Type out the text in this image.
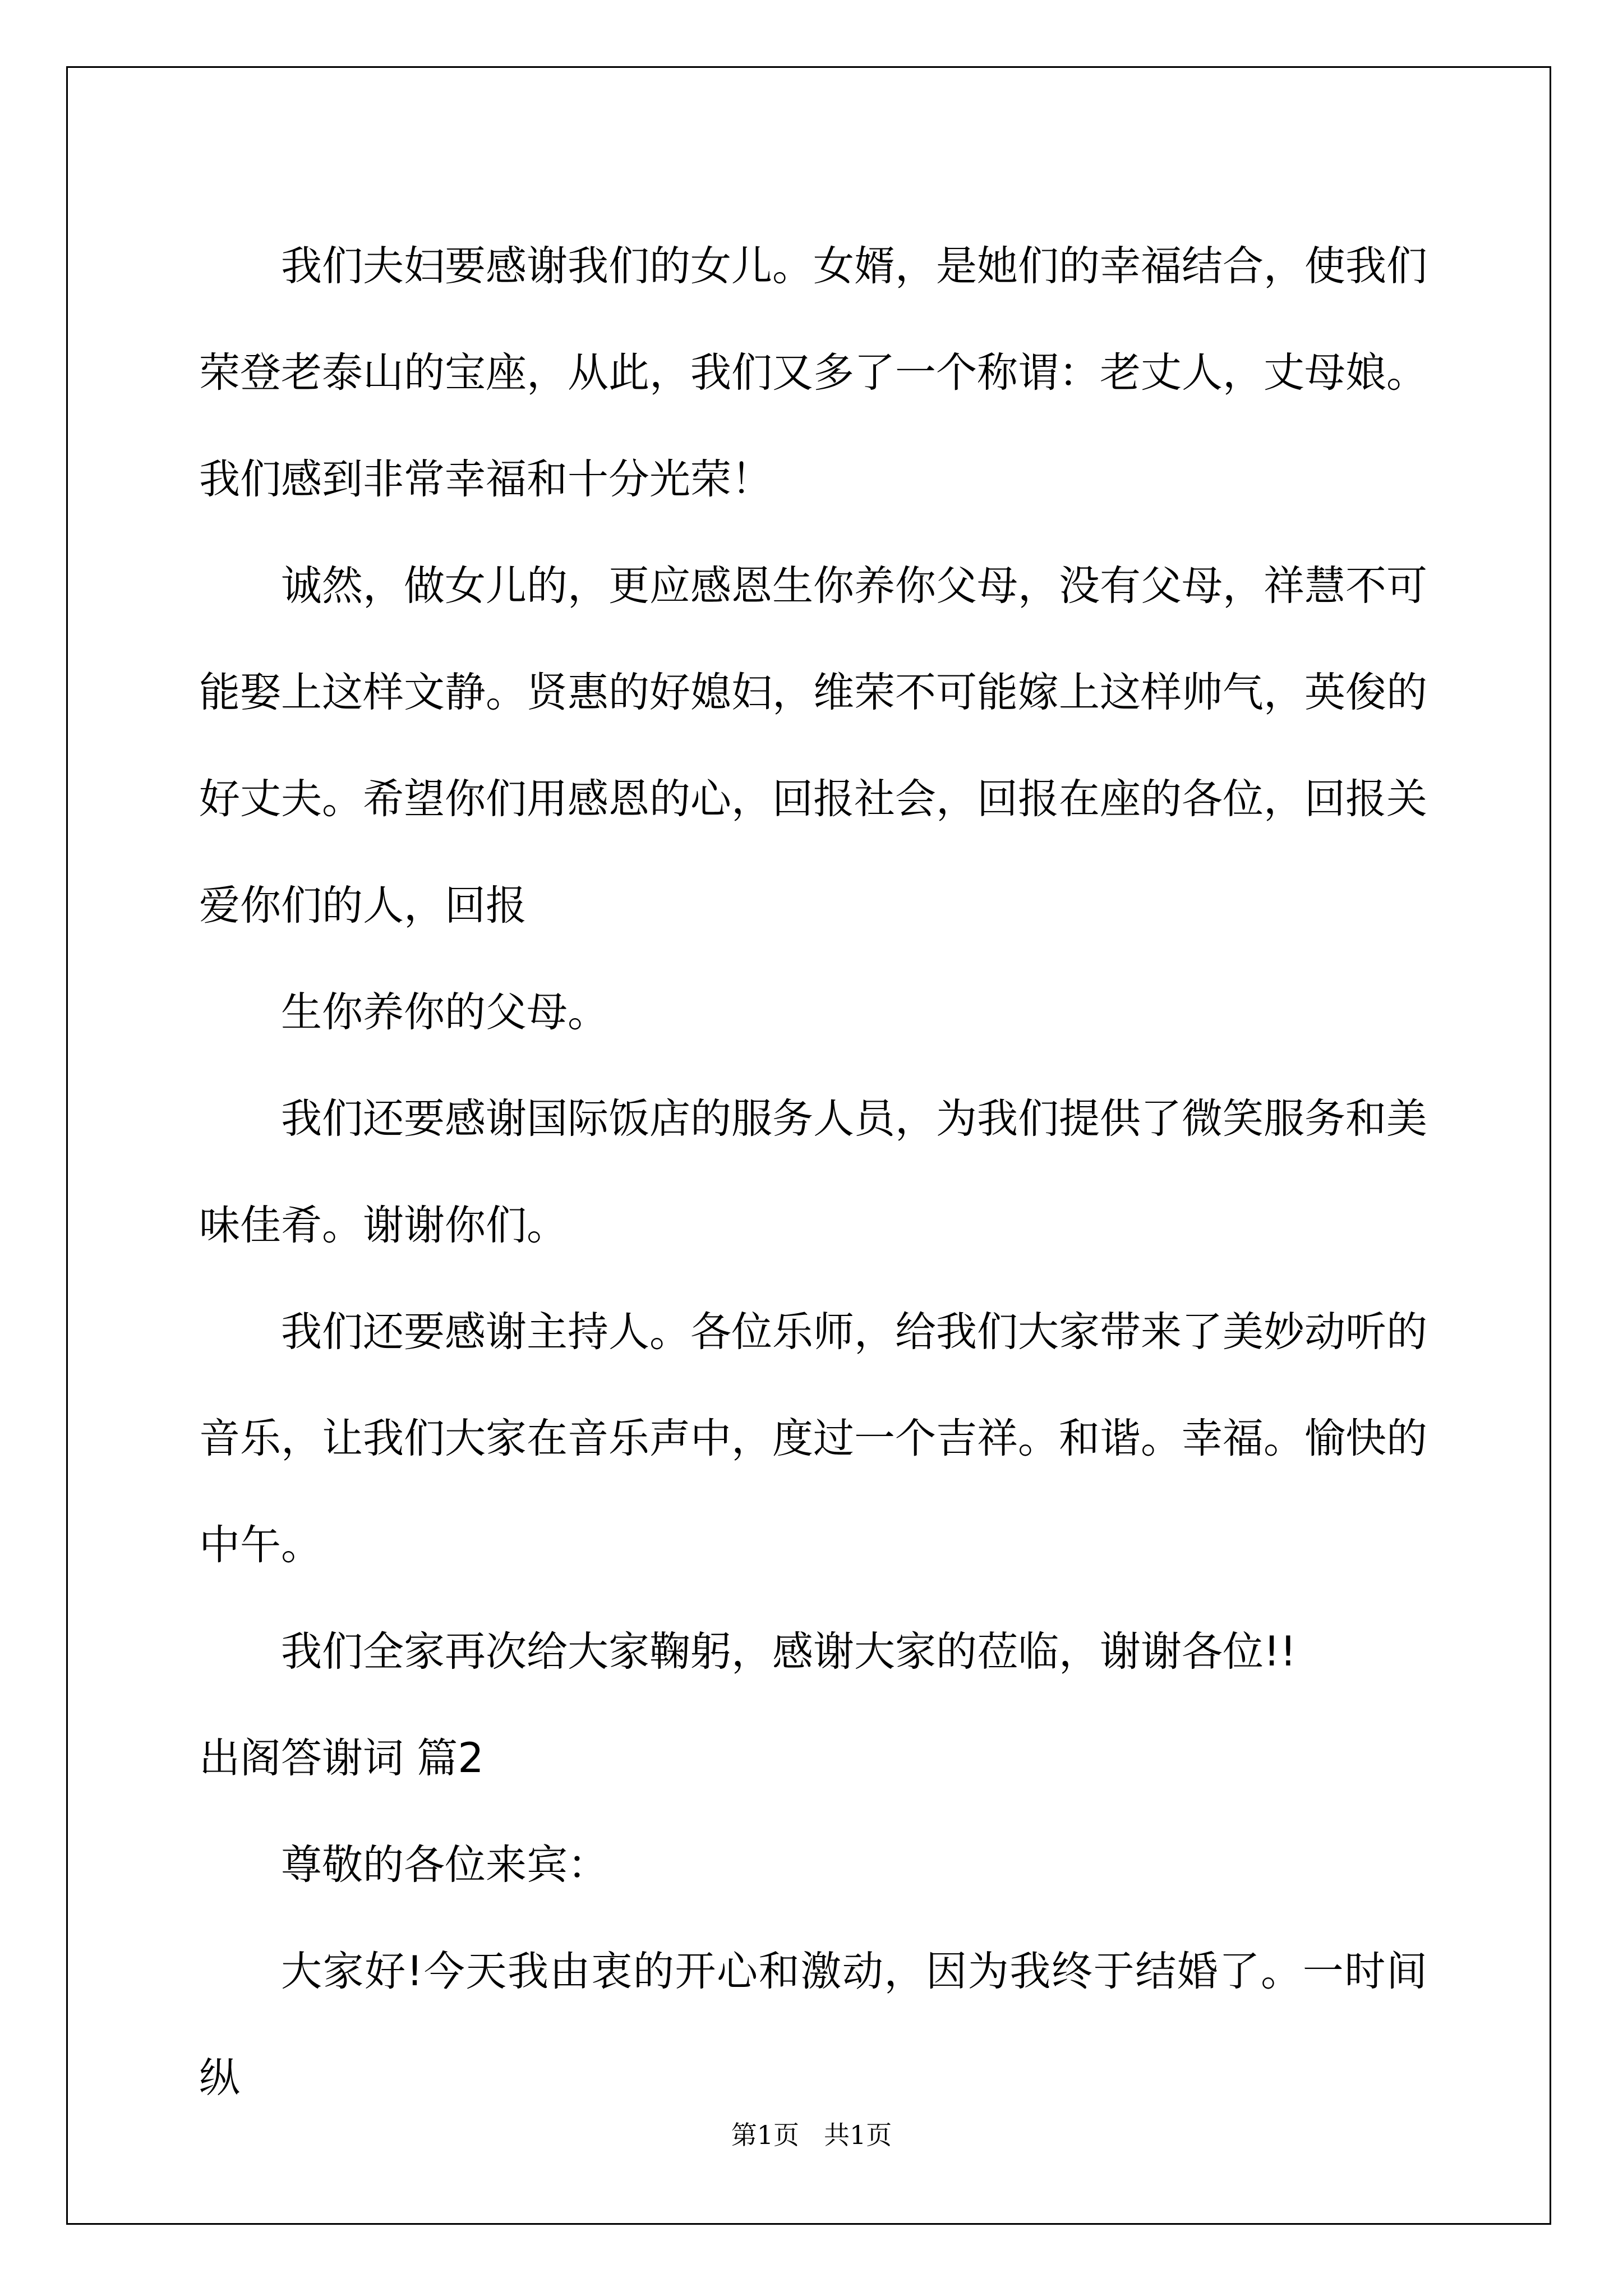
我们夫妇要感谢我们的女儿。女婿，是她们的幸福结合，使我们荣登老泰山的宝座，从此，我们又多了一个称谓：老丈人，丈母娘。我们感到非常幸福和十分光荣！

诚然，做女儿的，更应感恩生你养你父母，没有父母，祥慧不可能娶上这样文静。贤惠的好媳妇，维荣不可能嫁上这样帅气，英俊的好丈夫。希望你们用感恩的心，回报社会，回报在座的各位，回报关爱你们的人，回报

生你养你的父母。

我们还要感谢国际饭店的服务人员，为我们提供了微笑服务和美味佳肴。谢谢你们。

我们还要感谢主持人。各位乐师，给我们大家带来了美妙动听的音乐，让我们大家在音乐声中，度过一个吉祥。和谐。幸福。愉快的中午。

我们全家再次给大家鞠躬，感谢大家的莅临，谢谢各位!!

出阁答谢词 篇2

尊敬的各位来宾：

大家好!今天我由衷的开心和激动，因为我终于结婚了。一时间纵

第1页 共1页
